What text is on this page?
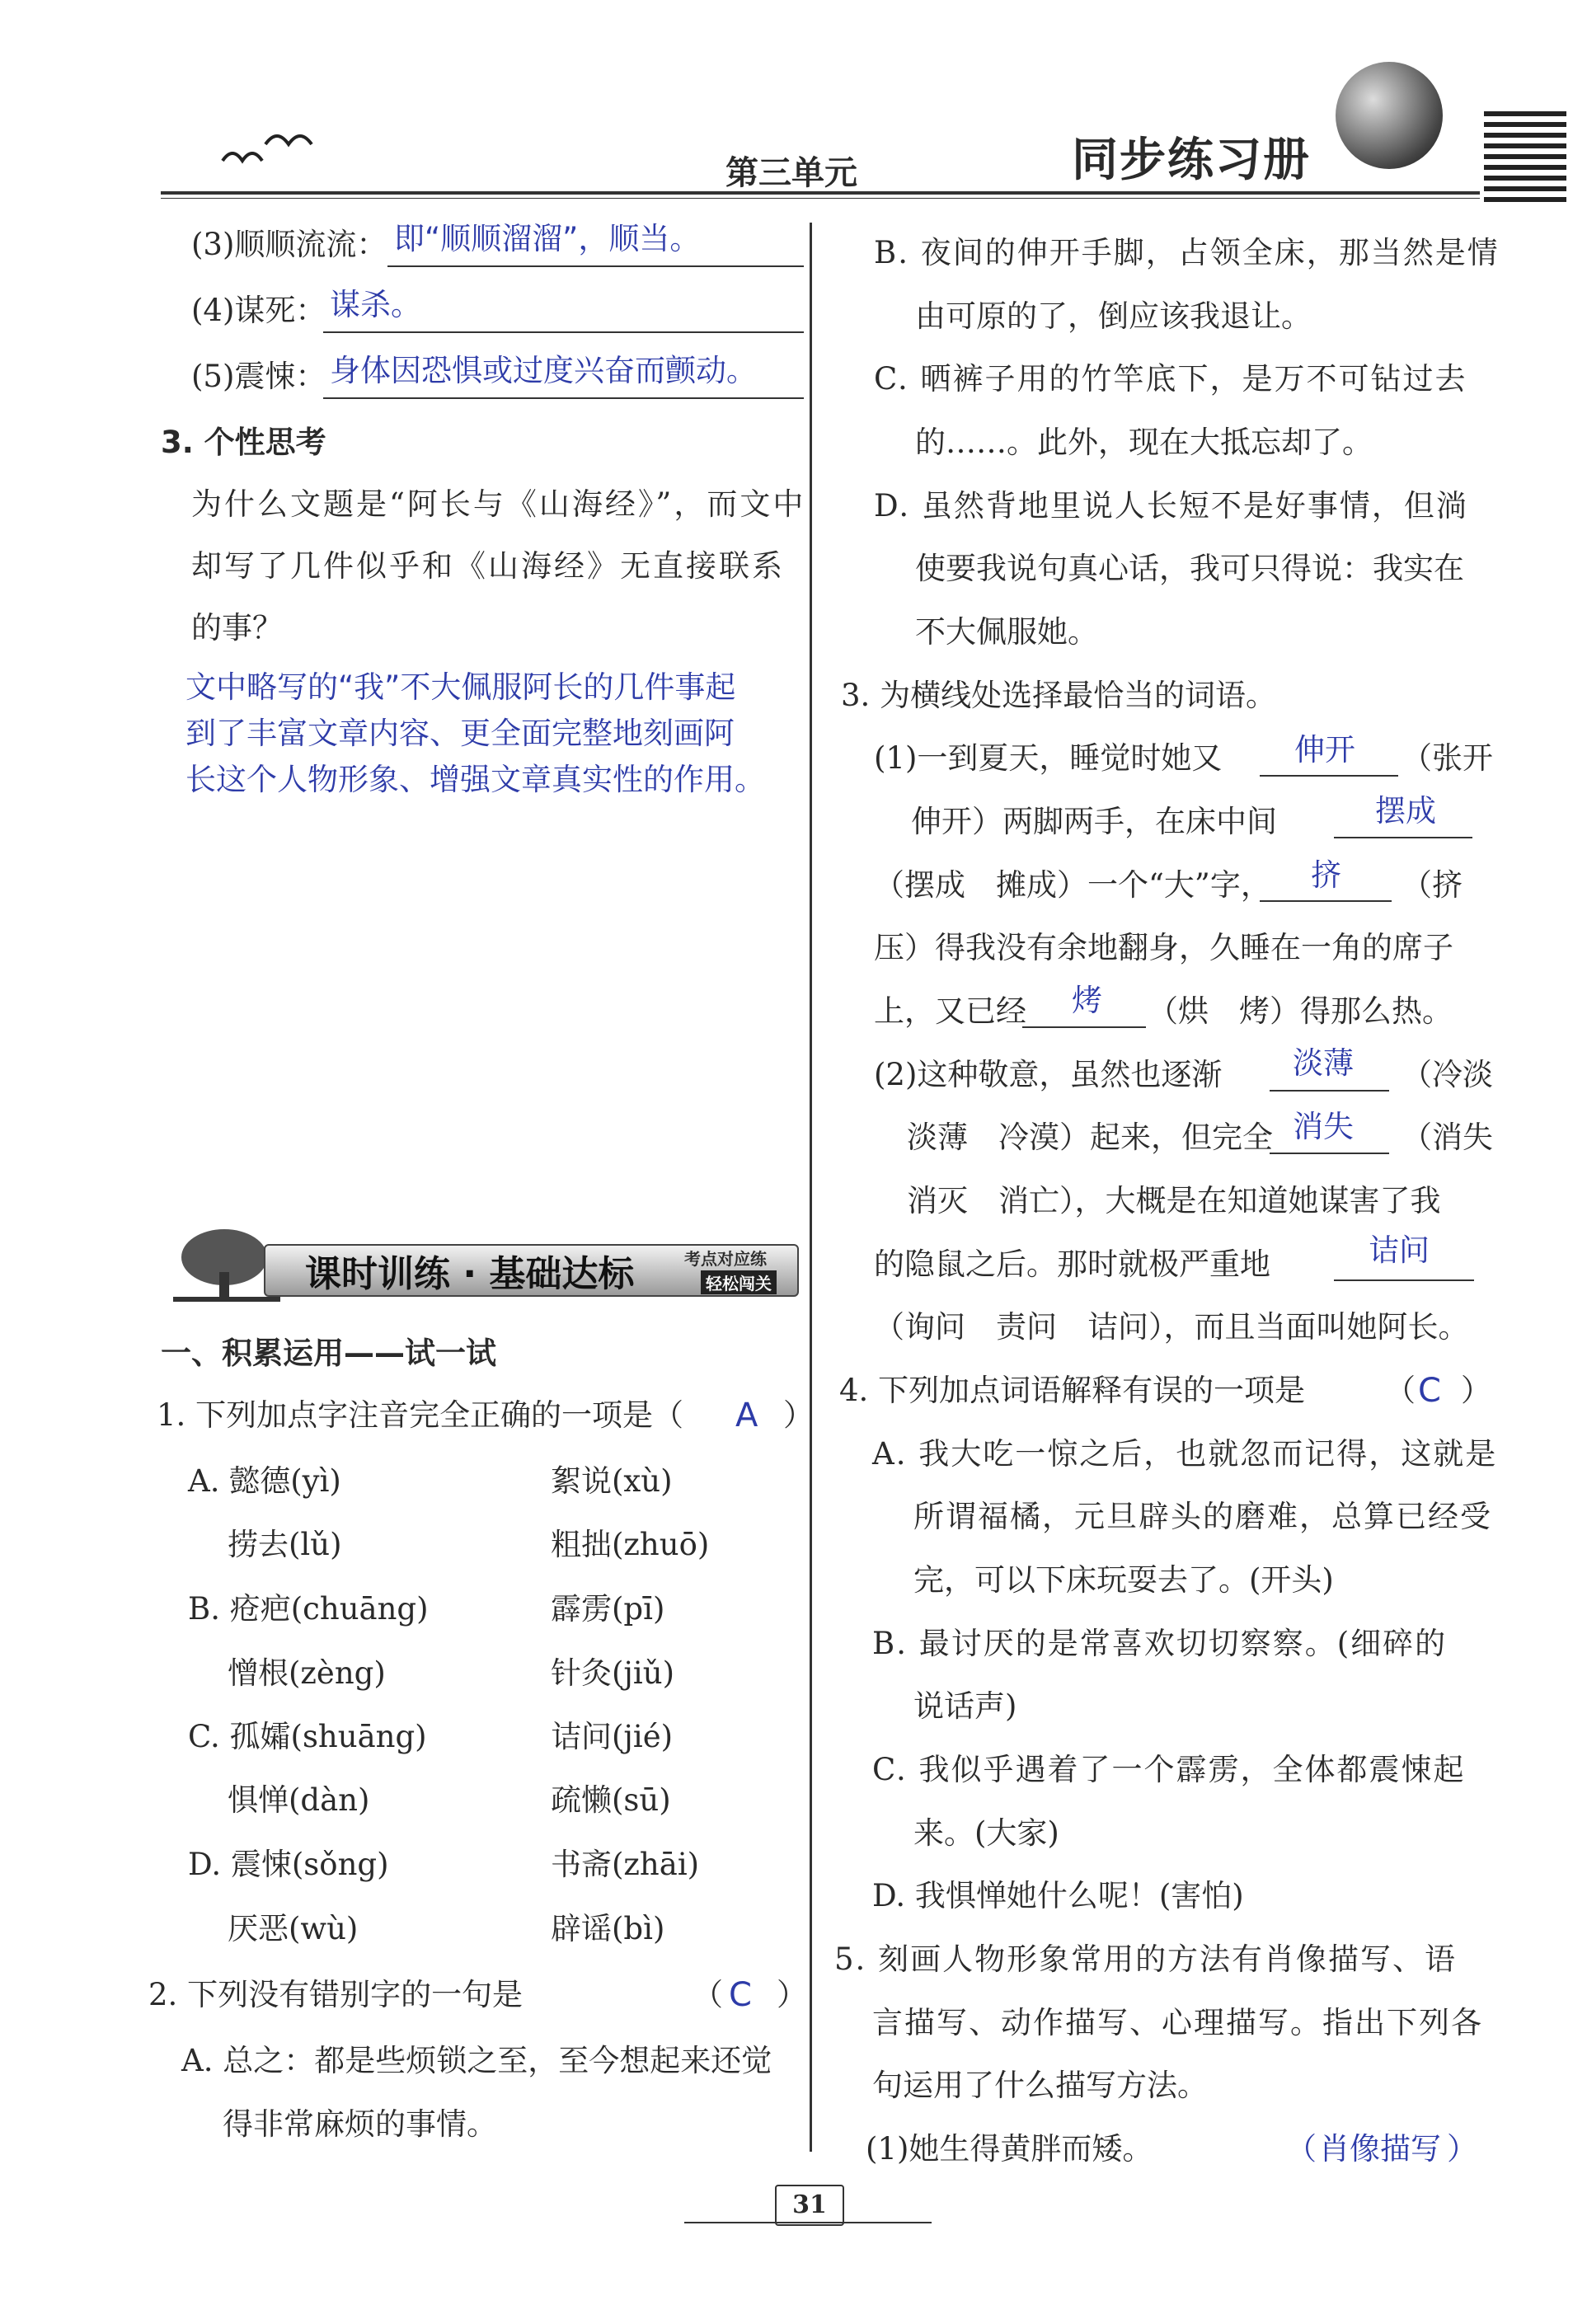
第三单元	同步练习册
(3)顺顺流流： 即“顺顺溜溜”，顺当。
(4)谋死： 谋杀。
(5)震悚： 身体因恐惧或过度兴奋而颤动。
3. 个性思考
为什么文题是“阿长与《山海经》”，而文中
却写了几件似乎和《山海经》无直接联系
的事？
文中略写的“我”不大佩服阿长的几件事起
到了丰富文章内容、更全面完整地刻画阿
长这个人物形象、增强文章真实性的作用。
课时训练 · 基础达标	考点对应练
轻松闯关
一、积累运用——试一试
1. 下列加点字注音完全正确的一项是（ A ）
A. 懿德(yì)	絮说(xù)
捞去(lǔ)	粗拙(zhuō)
B. 疮疤(chuāng)	霹雳(pī)
憎根(zèng)	针灸(jiǔ)
C. 孤孀(shuāng)	诘问(jié)
惧惮(dàn)	疏懒(sū)
D. 震悚(sǒng)	书斋(zhāi)
厌恶(wù)	辟谣(bì)
2. 下列没有错别字的一句是	（ C ）
A. 总之：都是些烦锁之至，至今想起来还觉
得非常麻烦的事情。
B. 夜间的伸开手脚，占领全床，那当然是情
由可原的了，倒应该我退让。
C. 晒裤子用的竹竿底下，是万不可钻过去
的……。此外，现在大抵忘却了。
D. 虽然背地里说人长短不是好事情，但淌
使要我说句真心话，我可只得说：我实在
不大佩服她。
3. 为横线处选择最恰当的词语。
(1)一到夏天，睡觉时她又 伸开 （张开
伸开）两脚两手，在床中间	摆成
（摆成　摊成）一个“大”字， 挤 （挤
压）得我没有余地翻身，久睡在一角的席子
上，又已经 烤 （烘　烤）得那么热。
(2)这种敬意，虽然也逐渐 淡薄 （冷淡
淡薄　冷漠）起来，但完全 消失 （消失
消灭　消亡），大概是在知道她谋害了我
的隐鼠之后。那时就极严重地	诘问
（询问　责问　诘问），而且当面叫她阿长。
4. 下列加点词语解释有误的一项是	（ C ）
A. 我大吃一惊之后，也就忽而记得，这就是
所谓福橘，元旦辟头的磨难，总算已经受
完，可以下床玩耍去了。(开头)
B. 最讨厌的是常喜欢切切察察。(细碎的
说话声)
C. 我似乎遇着了一个霹雳，全体都震悚起
来。(大家)
D. 我惧惮她什么呢！(害怕)
5. 刻画人物形象常用的方法有肖像描写、语
言描写、动作描写、心理描写。指出下列各
句运用了什么描写方法。
(1)她生得黄胖而矮。	（ 肖像描写 ）
31
